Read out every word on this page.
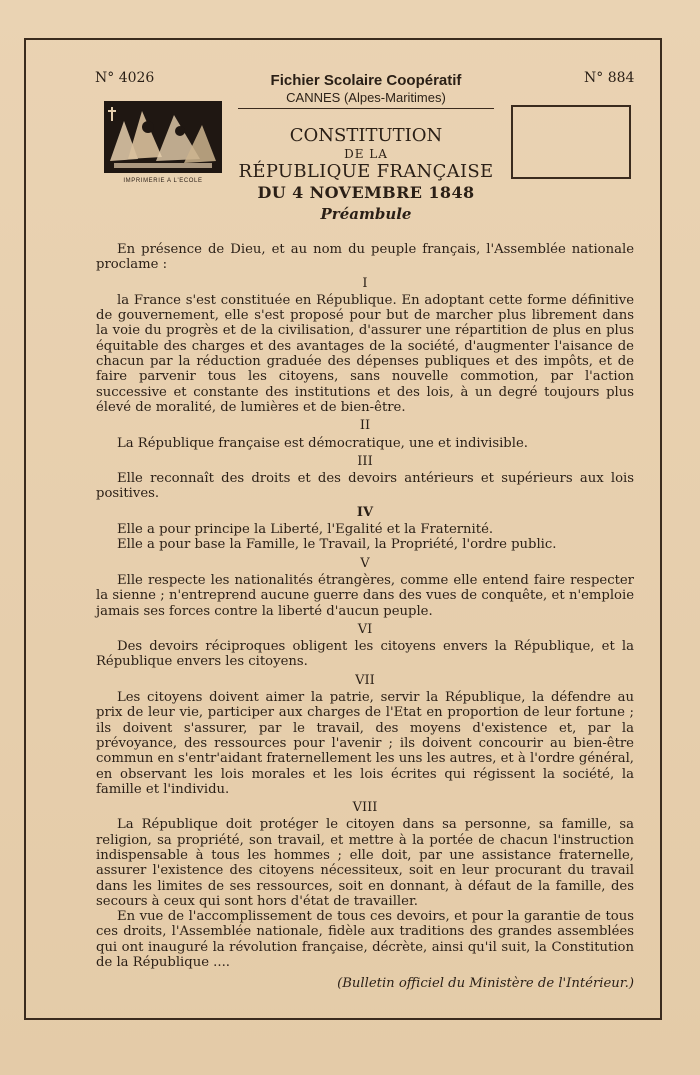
N° 4026	N° 884
Fichier Scolaire Coopératif
CANNES (Alpes-Maritimes)
IMPRIMERIE A L'ECOLE
CONSTITUTION
DE LA
RÉPUBLIQUE FRANÇAISE
DU 4 NOVEMBRE 1848
Préambule
En présence de Dieu, et au nom du peuple français, l'Assemblée nationale proclame :
I
la France s'est constituée en République. En adoptant cette forme définitive de gouvernement, elle s'est proposé pour but de marcher plus librement dans la voie du progrès et de la civilisation, d'assurer une répartition de plus en plus équitable des charges et des avantages de la société, d'augmenter l'aisance de chacun par la réduction graduée des dépenses publiques et des impôts, et de faire parvenir tous les citoyens, sans nouvelle commotion, par l'action successive et constante des institutions et des lois, à un degré toujours plus élevé de moralité, de lumières et de bien-être.
II
La République française est démocratique, une et indivisible.
III
Elle reconnaît des droits et des devoirs antérieurs et supérieurs aux lois positives.
IV
Elle a pour principe la Liberté, l'Egalité et la Fraternité.
Elle a pour base la Famille, le Travail, la Propriété, l'ordre public.
V
Elle respecte les nationalités étrangères, comme elle entend faire respecter la sienne ; n'entreprend aucune guerre dans des vues de conquête, et n'emploie jamais ses forces contre la liberté d'aucun peuple.
VI
Des devoirs réciproques obligent les citoyens envers la République, et la République envers les citoyens.
VII
Les citoyens doivent aimer la patrie, servir la République, la défendre au prix de leur vie, participer aux charges de l'Etat en proportion de leur fortune ; ils doivent s'assurer, par le travail, des moyens d'existence et, par la prévoyance, des ressources pour l'avenir ; ils doivent concourir au bien-être commun en s'entr'aidant fraternellement les uns les autres, et à l'ordre général, en observant les lois morales et les lois écrites qui régissent la société, la famille et l'individu.
VIII
La République doit protéger le citoyen dans sa personne, sa famille, sa religion, sa propriété, son travail, et mettre à la portée de chacun l'instruction indispensable à tous les hommes ; elle doit, par une assistance fraternelle, assurer l'existence des citoyens nécessiteux, soit en leur procurant du travail dans les limites de ses ressources, soit en donnant, à défaut de la famille, des secours à ceux qui sont hors d'état de travailler.
En vue de l'accomplissement de tous ces devoirs, et pour la garantie de tous ces droits, l'Assemblée nationale, fidèle aux traditions des grandes assemblées qui ont inauguré la révolution française, décrète, ainsi qu'il suit, la Constitution de la République ....
(Bulletin officiel du Ministère de l'Intérieur.)
